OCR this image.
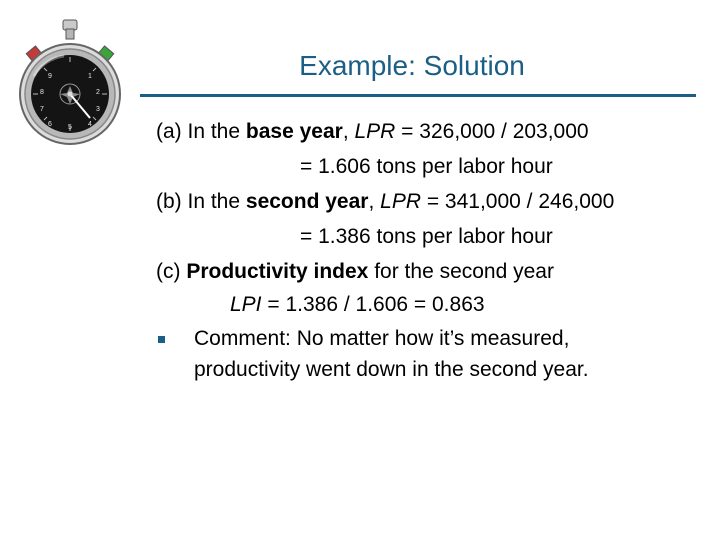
1
2
3
4
5
6
7
8
9	Example: Solution
(a) In the base year, LPR = 326,000 / 203,000
= 1.606 tons per labor hour
(b) In the second year, LPR = 341,000 / 246,000
= 1.386 tons per labor hour
(c) Productivity index for the second year
LPI = 1.386 / 1.606 = 0.863
Comment: No matter how it’s measured,
productivity went down in the second year.
